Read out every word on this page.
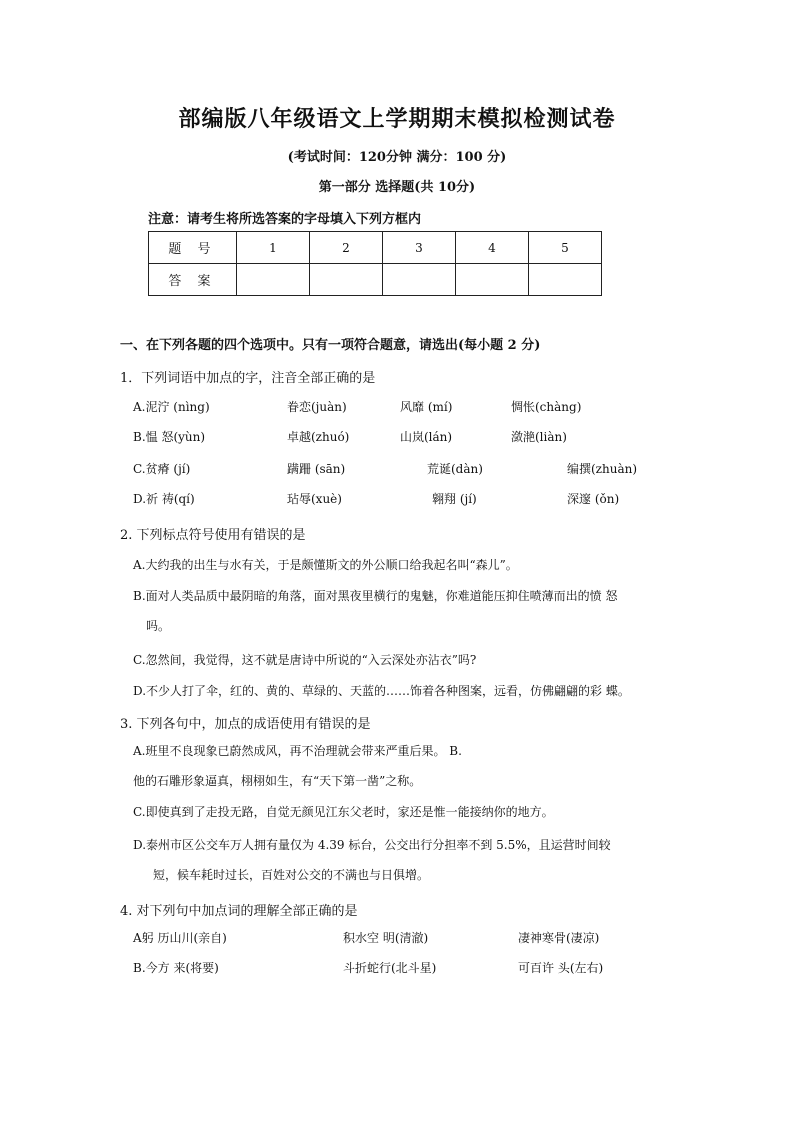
部编版八年级语文上学期期末模拟检测试卷
(考试时间：120分钟 满分：100 分)
第一部分 选择题(共 10分)
注意：请考生将所选答案的字母填入下列方框内
题 号	1	2	3	4	5
答 案					
一、在下列各题的四个选项中。只有一项符合题意，请选出(每小题 2 分)
1．下列词语中加点的字，注音全部正确的是
A.泥泞 (nìng)	眷恋(juàn)	风靡 (mí)	惆怅(chàng)
B.愠 怒(yùn)	卓越(zhuó)	山岚(lán)	潋滟(liàn)
C.贫瘠 (jí)	蹒跚 (sān)	荒诞(dàn)	编撰(zhuàn)
D.祈 祷(qí)	玷辱(xuè)	翱翔 (jí)	深邃 (ǒn)
2. 下列标点符号使用有错误的是
A.大约我的出生与水有关，于是颇懂斯文的外公顺口给我起名叫“森儿”。
B.面对人类品质中最阴暗的角落，面对黑夜里横行的鬼魅，你难道能压抑住喷薄而出的愤 怒
吗。
C.忽然间，我觉得，这不就是唐诗中所说的“入云深处亦沾衣”吗?
D.不少人打了伞，红的、黄的、草绿的、天蓝的……饰着各种图案，远看，仿佛翩翩的彩 蝶。
3. 下列各句中，加点的成语使用有错误的是
A.班里不良现象已蔚然成风，再不治理就会带来严重后果。 B.
他的石雕形象逼真，栩栩如生，有“天下第一凿”之称。
C.即使真到了走投无路，自觉无颜见江东父老时，家还是惟一能接纳你的地方。
D.泰州市区公交车万人拥有量仅为 4.39 标台，公交出行分担率不到 5.5%，且运营时间较
短，候车耗时过长，百姓对公交的不满也与日俱增。
4. 对下列句中加点词的理解全部正确的是
A躬 历山川(亲自)	积水空 明(清澈)	凄神寒骨(凄凉)
B.今方 来(将要)	斗折蛇行(北斗星)	可百许 头(左右)
